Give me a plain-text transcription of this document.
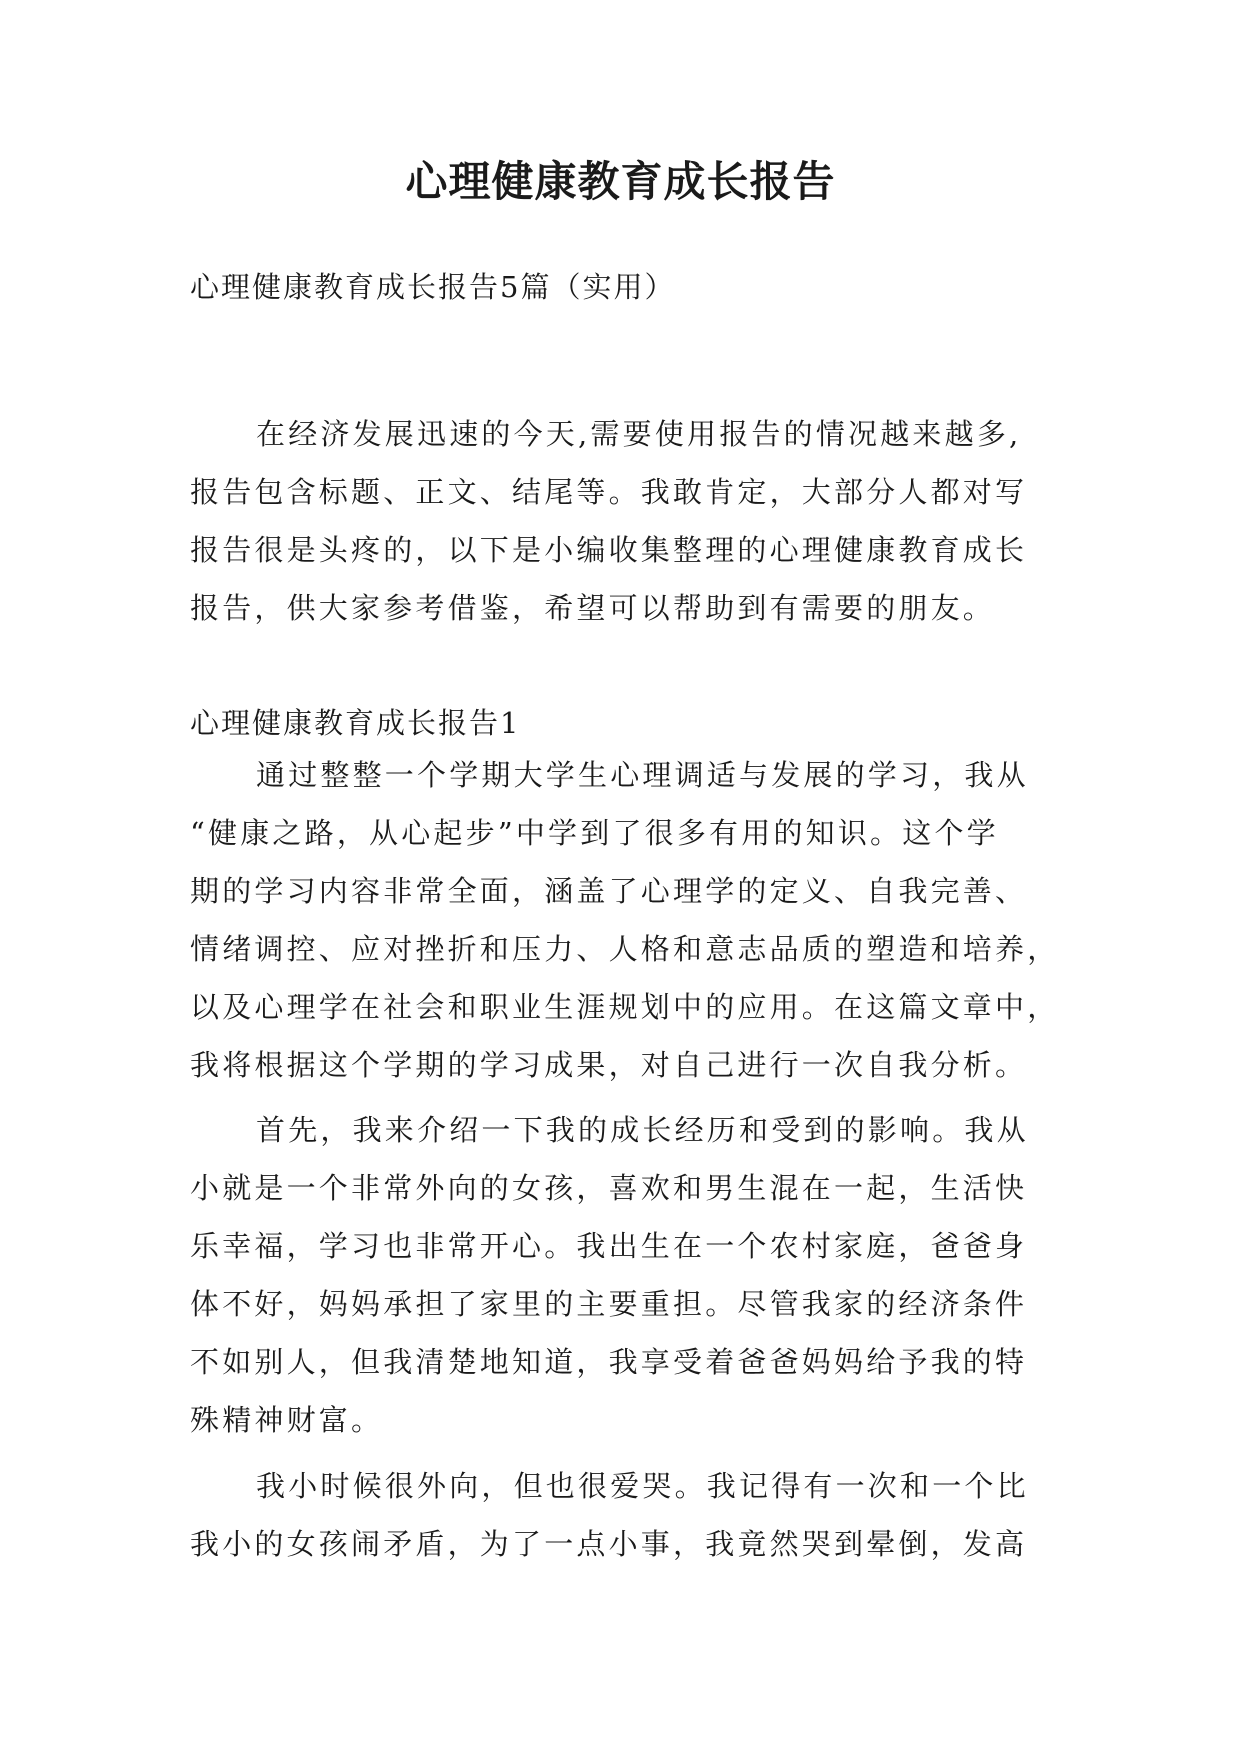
心理健康教育成长报告

心理健康教育成长报告5篇（实用）

在经济发展迅速的今天,需要使用报告的情况越来越多,
报告包含标题、正文、结尾等。我敢肯定，大部分人都对写
报告很是头疼的，以下是小编收集整理的心理健康教育成长
报告，供大家参考借鉴，希望可以帮助到有需要的朋友。

心理健康教育成长报告1

通过整整一个学期大学生心理调适与发展的学习，我从
“健康之路，从心起步”中学到了很多有用的知识。这个学
期的学习内容非常全面，涵盖了心理学的定义、自我完善、
情绪调控、应对挫折和压力、人格和意志品质的塑造和培养，
以及心理学在社会和职业生涯规划中的应用。在这篇文章中，
我将根据这个学期的学习成果，对自己进行一次自我分析。
首先，我来介绍一下我的成长经历和受到的影响。我从
小就是一个非常外向的女孩，喜欢和男生混在一起，生活快
乐幸福，学习也非常开心。我出生在一个农村家庭，爸爸身
体不好，妈妈承担了家里的主要重担。尽管我家的经济条件
不如别人，但我清楚地知道，我享受着爸爸妈妈给予我的特
殊精神财富。
我小时候很外向，但也很爱哭。我记得有一次和一个比
我小的女孩闹矛盾，为了一点小事，我竟然哭到晕倒，发高
